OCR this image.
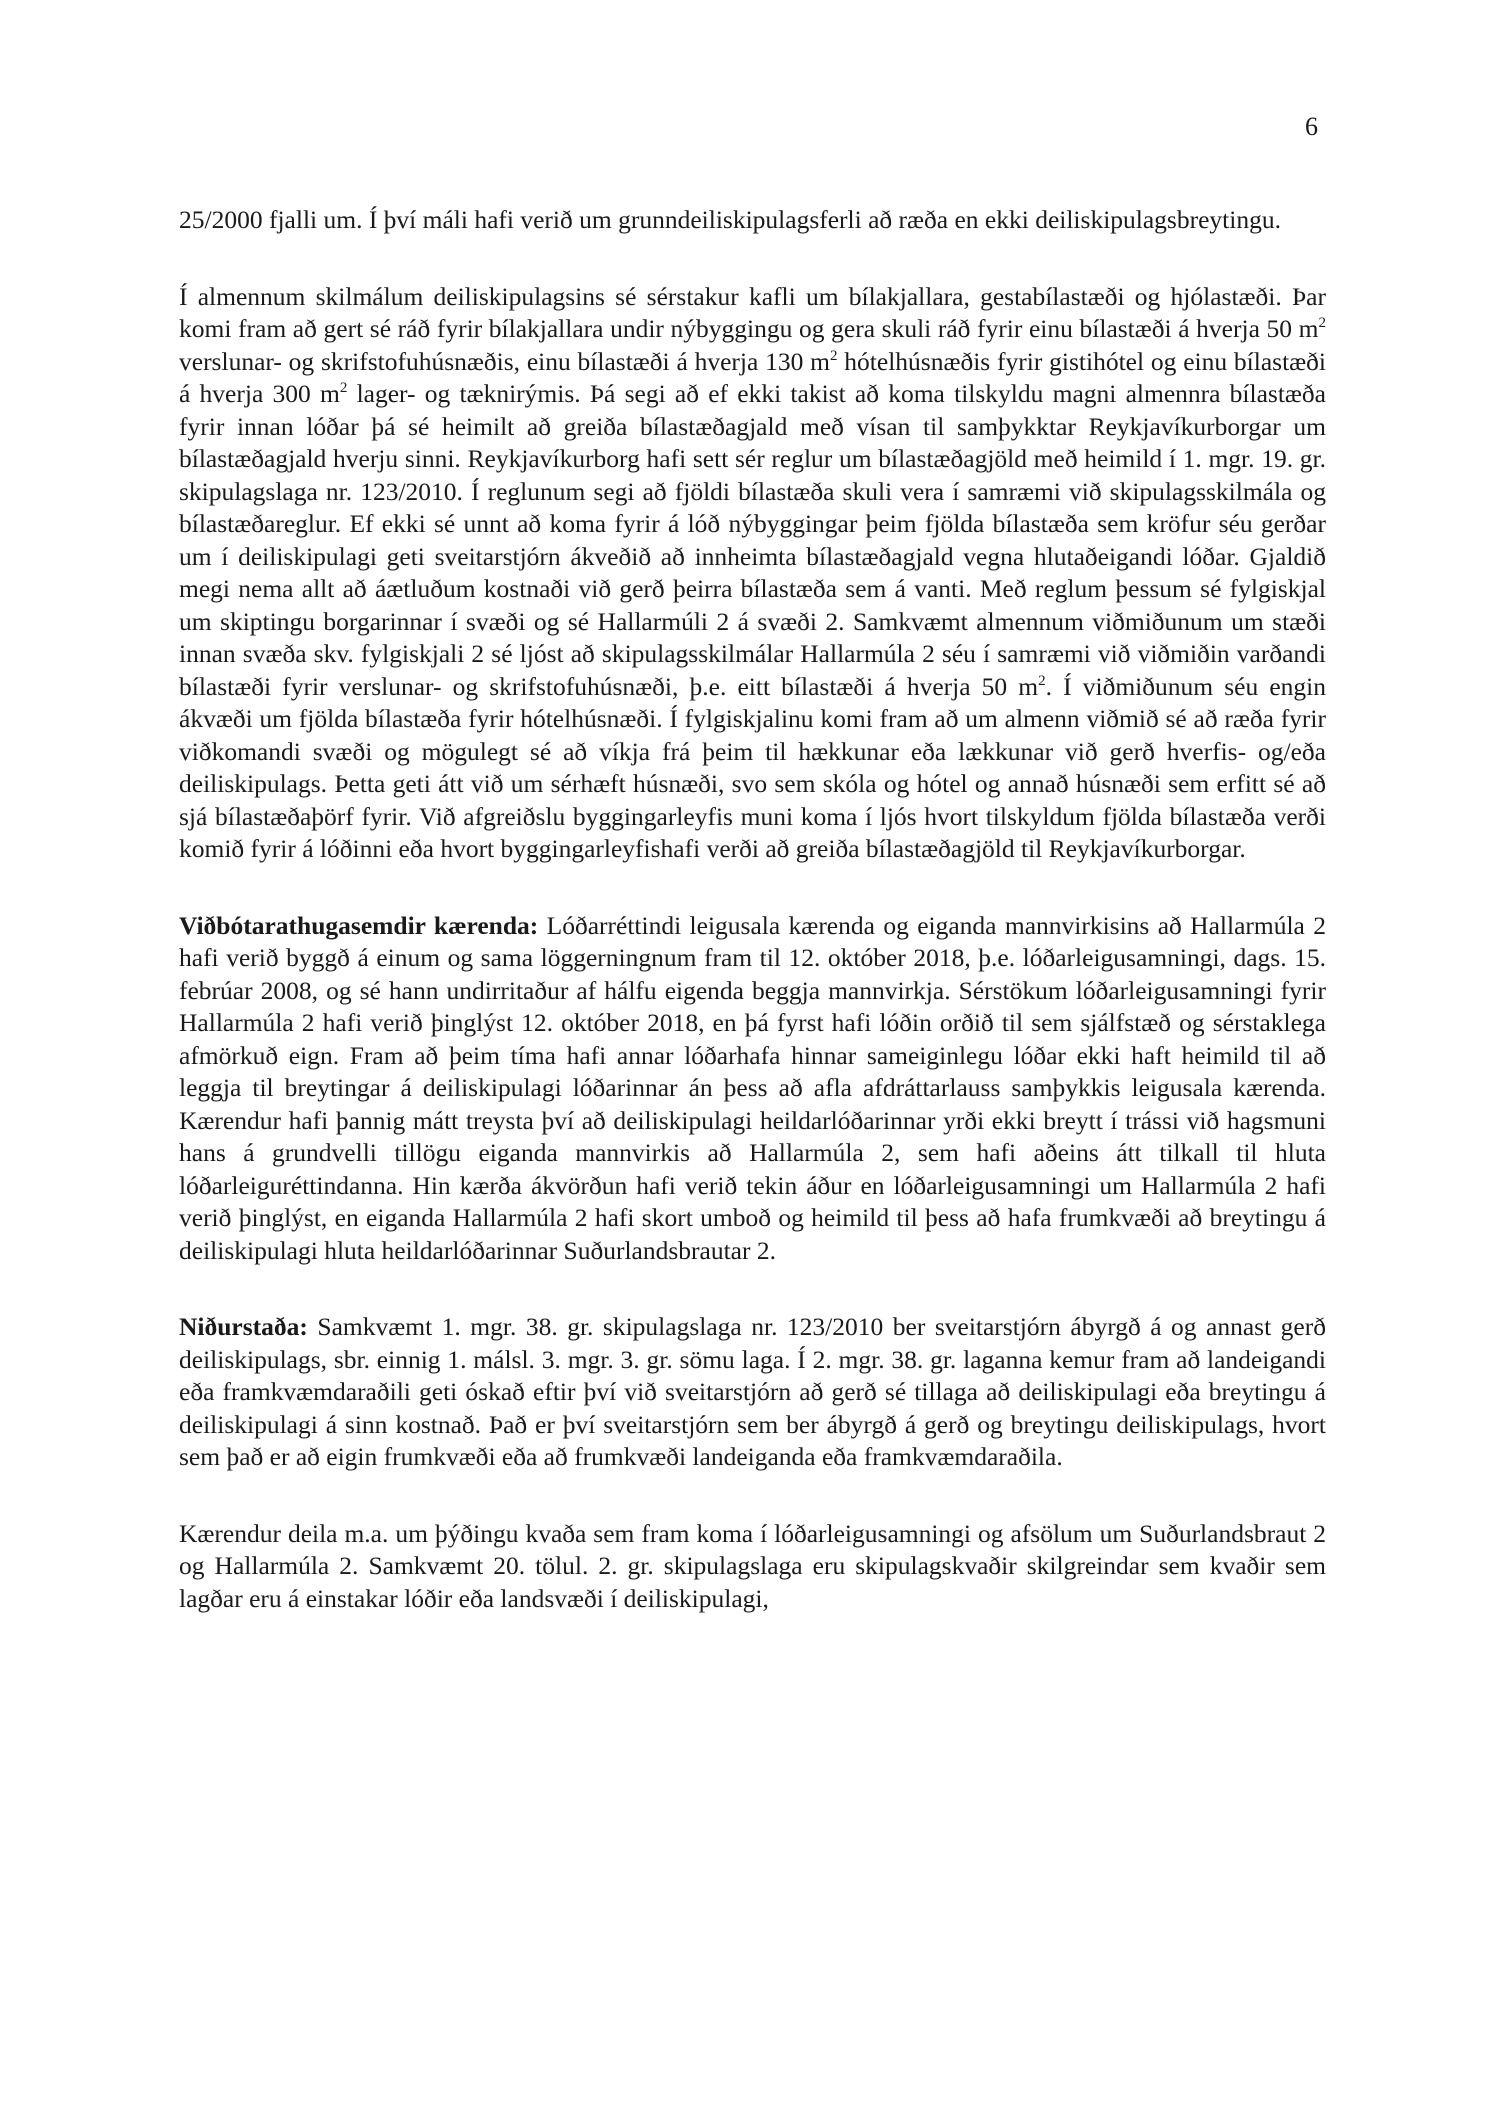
6

25/2000 fjalli um. Í því máli hafi verið um grunndeiliskipulagsferli að ræða en ekki deiliskipulagsbreytingu.

Í almennum skilmálum deiliskipulagsins sé sérstakur kafli um bílakjallara, gestabílastæði og hjólastæði. Þar komi fram að gert sé ráð fyrir bílakjallara undir nýbyggingu og gera skuli ráð fyrir einu bílastæði á hverja 50 $m^2$ verslunar- og skrifstofuhúsnæðis, einu bílastæði á hverja 130 $m^2$ hótelhúsnæðis fyrir gistihótel og einu bílastæði á hverja 300 $m^2$ lager- og tæknirýmis. Þá segi að ef ekki takist að koma tilskyldu magni almennra bílastæða fyrir innan lóðar þá sé heimilt að greiða bílastæðagjald með vísan til samþykktar Reykjavíkurborgar um bílastæðagjald hverju sinni. Reykjavíkurborg hafi sett sér reglur um bílastæðagjöld með heimild í 1. mgr. 19. gr. skipulagslaga nr. 123/2010. Í reglunum segi að fjöldi bílastæða skuli vera í samræmi við skipulagsskilmála og bílastæðareglur. Ef ekki sé unnt að koma fyrir á lóð nýbyggingar þeim fjölda bílastæða sem kröfur séu gerðar um í deiliskipulagi geti sveitarstjórn ákveðið að innheimta bílastæðagjald vegna hlutaðeigandi lóðar. Gjaldið megi nema allt að áætluðum kostnaði við gerð þeirra bílastæða sem á vanti. Með reglum þessum sé fylgiskjal um skiptingu borgarinnar í svæði og sé Hallarmúli 2 á svæði 2. Samkvæmt almennum viðmiðunum um stæði innan svæða skv. fylgiskjali 2 sé ljóst að skipulagsskilmálar Hallarmúla 2 séu í samræmi við viðmiðin varðandi bílastæði fyrir verslunar- og skrifstofuhúsnæði, þ.e. eitt bílastæði á hverja 50 $m^2$. Í viðmiðunum séu engin ákvæði um fjölda bílastæða fyrir hótelhúsnæði. Í fylgiskjalinu komi fram að um almenn viðmið sé að ræða fyrir viðkomandi svæði og mögulegt sé að víkja frá þeim til hækkunar eða lækkunar við gerð hverfis- og/eða deiliskipulags. Þetta geti átt við um sérhæft húsnæði, svo sem skóla og hótel og annað húsnæði sem erfitt sé að sjá bílastæðaþörf fyrir. Við afgreiðslu byggingarleyfis muni koma í ljós hvort tilskyldum fjölda bílastæða verði komið fyrir á lóðinni eða hvort byggingarleyfishafi verði að greiða bílastæðagjöld til Reykjavíkurborgar.

Viðbótarathugasemdir kærenda: Lóðarréttindi leigusala kærenda og eiganda mannvirkisins að Hallarmúla 2 hafi verið byggð á einum og sama löggerningnum fram til 12. október 2018, þ.e. lóðarleigusamningi, dags. 15. febrúar 2008, og sé hann undirritaður af hálfu eigenda beggja mannvirkja. Sérstökum lóðarleigusamningi fyrir Hallarmúla 2 hafi verið þinglýst 12. október 2018, en þá fyrst hafi lóðin orðið til sem sjálfstæð og sérstaklega afmörkuð eign. Fram að þeim tíma hafi annar lóðarhafa hinnar sameiginlegu lóðar ekki haft heimild til að leggja til breytingar á deiliskipulagi lóðarinnar án þess að afla afdráttarlauss samþykkis leigusala kærenda. Kærendur hafi þannig mátt treysta því að deiliskipulagi heildarlóðarinnar yrði ekki breytt í trássi við hagsmuni hans á grundvelli tillögu eiganda mannvirkis að Hallarmúla 2, sem hafi aðeins átt tilkall til hluta lóðarleiguréttindanna. Hin kærða ákvörðun hafi verið tekin áður en lóðarleigusamningi um Hallarmúla 2 hafi verið þinglýst, en eiganda Hallarmúla 2 hafi skort umboð og heimild til þess að hafa frumkvæði að breytingu á deiliskipulagi hluta heildarlóðarinnar Suðurlandsbrautar 2.

Niðurstaða: Samkvæmt 1. mgr. 38. gr. skipulagslaga nr. 123/2010 ber sveitarstjórn ábyrgð á og annast gerð deiliskipulags, sbr. einnig 1. málsl. 3. mgr. 3. gr. sömu laga. Í 2. mgr. 38. gr. laganna kemur fram að landeigandi eða framkvæmdaraðili geti óskað eftir því við sveitarstjórn að gerð sé tillaga að deiliskipulagi eða breytingu á deiliskipulagi á sinn kostnað. Það er því sveitarstjórn sem ber ábyrgð á gerð og breytingu deiliskipulags, hvort sem það er að eigin frumkvæði eða að frumkvæði landeiganda eða framkvæmdaraðila.

Kærendur deila m.a. um þýðingu kvaða sem fram koma í lóðarleigusamningi og afsölum um Suðurlandsbraut 2 og Hallarmúla 2. Samkvæmt 20. tölul. 2. gr. skipulagslaga eru skipulagskvaðir skilgreindar sem kvaðir sem lagðar eru á einstakar lóðir eða landsvæði í deiliskipulagi,
